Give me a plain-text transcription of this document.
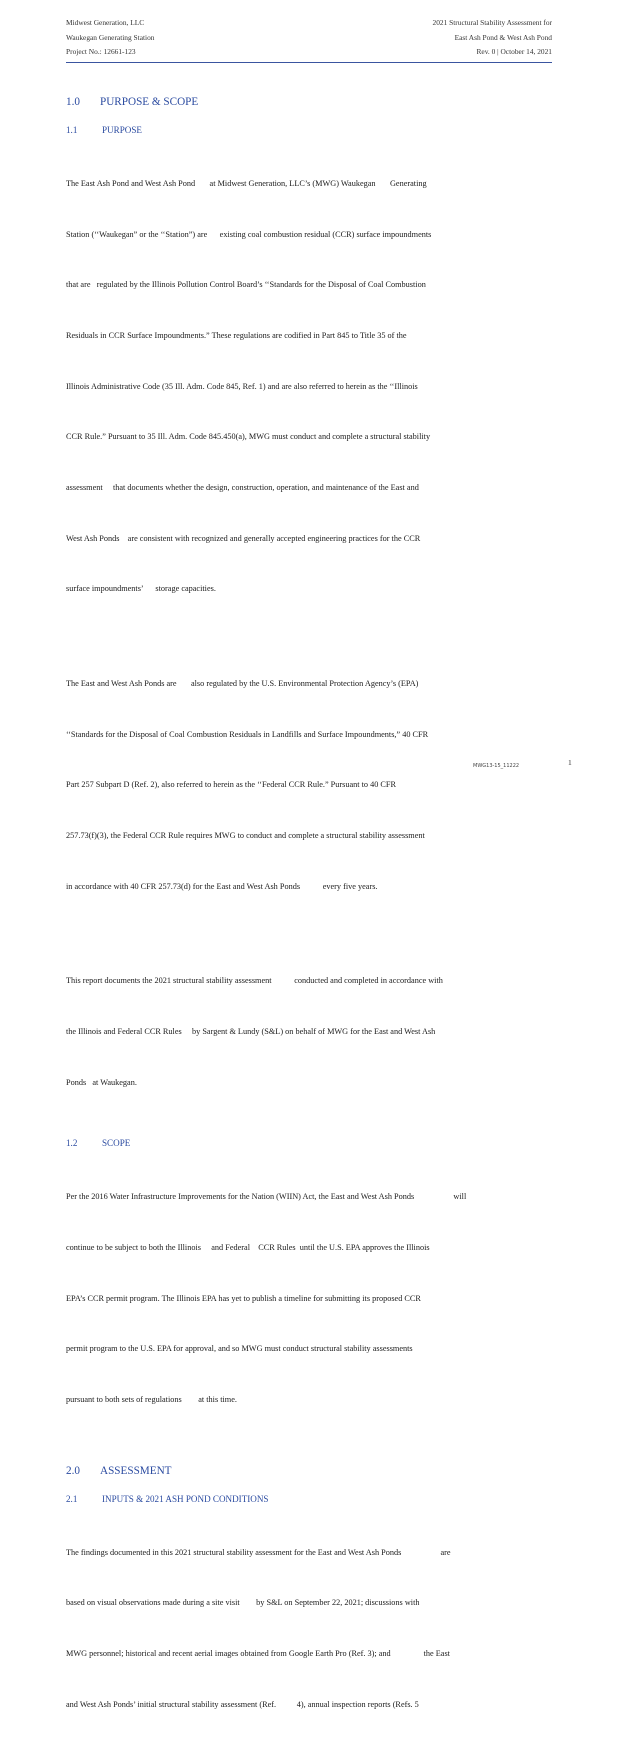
Midwest Generation, LLC	2021 Structural Stability Assessment for
Waukegan Generating Station	East Ash Pond & West Ash Pond
Project No.: 12661-123	Rev. 0 | October 14, 2021
1.0	PURPOSE & SCOPE
1.1	PURPOSE

The East Ash Pond and West Ash Pond       at Midwest Generation, LLC’s (MWG) Waukegan       Generating

Station (‘‘Waukegan” or the ‘‘Station”) are      existing coal combustion residual (CCR) surface impoundments

that are   regulated by the Illinois Pollution Control Board’s ‘‘Standards for the Disposal of Coal Combustion

Residuals in CCR Surface Impoundments.” These regulations are codified in Part 845 to Title 35 of the

Illinois Administrative Code (35 Ill. Adm. Code 845, Ref. 1) and are also referred to herein as the ‘‘Illinois

CCR Rule.” Pursuant to 35 Ill. Adm. Code 845.450(a), MWG must conduct and complete a structural stability

assessment     that documents whether the design, construction, operation, and maintenance of the East and

West Ash Ponds    are consistent with recognized and generally accepted engineering practices for the CCR

surface impoundments’      storage capacities.

The East and West Ash Ponds are       also regulated by the U.S. Environmental Protection Agency’s (EPA)

‘‘Standards for the Disposal of Coal Combustion Residuals in Landfills and Surface Impoundments,” 40 CFR

Part 257 Subpart D (Ref. 2), also referred to herein as the ‘‘Federal CCR Rule.” Pursuant to 40 CFR

257.73(f)(3), the Federal CCR Rule requires MWG to conduct and complete a structural stability assessment

in accordance with 40 CFR 257.73(d) for the East and West Ash Ponds           every five years.

This report documents the 2021 structural stability assessment           conducted and completed in accordance with

the Illinois and Federal CCR Rules     by Sargent & Lundy (S&L) on behalf of MWG for the East and West Ash

Ponds   at Waukegan.

1.2	SCOPE

Per the 2016 Water Infrastructure Improvements for the Nation (WIIN) Act, the East and West Ash Ponds                   will

continue to be subject to both the Illinois     and Federal    CCR Rules  until the U.S. EPA approves the Illinois

EPA’s CCR permit program. The Illinois EPA has yet to publish a timeline for submitting its proposed CCR

permit program to the U.S. EPA for approval, and so MWG must conduct structural stability assessments

pursuant to both sets of regulations        at this time.

2.0	ASSESSMENT
2.1	INPUTS & 2021 ASH POND CONDITIONS

The findings documented in this 2021 structural stability assessment for the East and West Ash Ponds                   are

based on visual observations made during a site visit        by S&L on September 22, 2021; discussions with

MWG personnel; historical and recent aerial images obtained from Google Earth Pro (Ref. 3); and                the East

and West Ash Ponds’ initial structural stability assessment (Ref.          4), annual inspection reports (Refs. 5

MWG13-15_11222	1
